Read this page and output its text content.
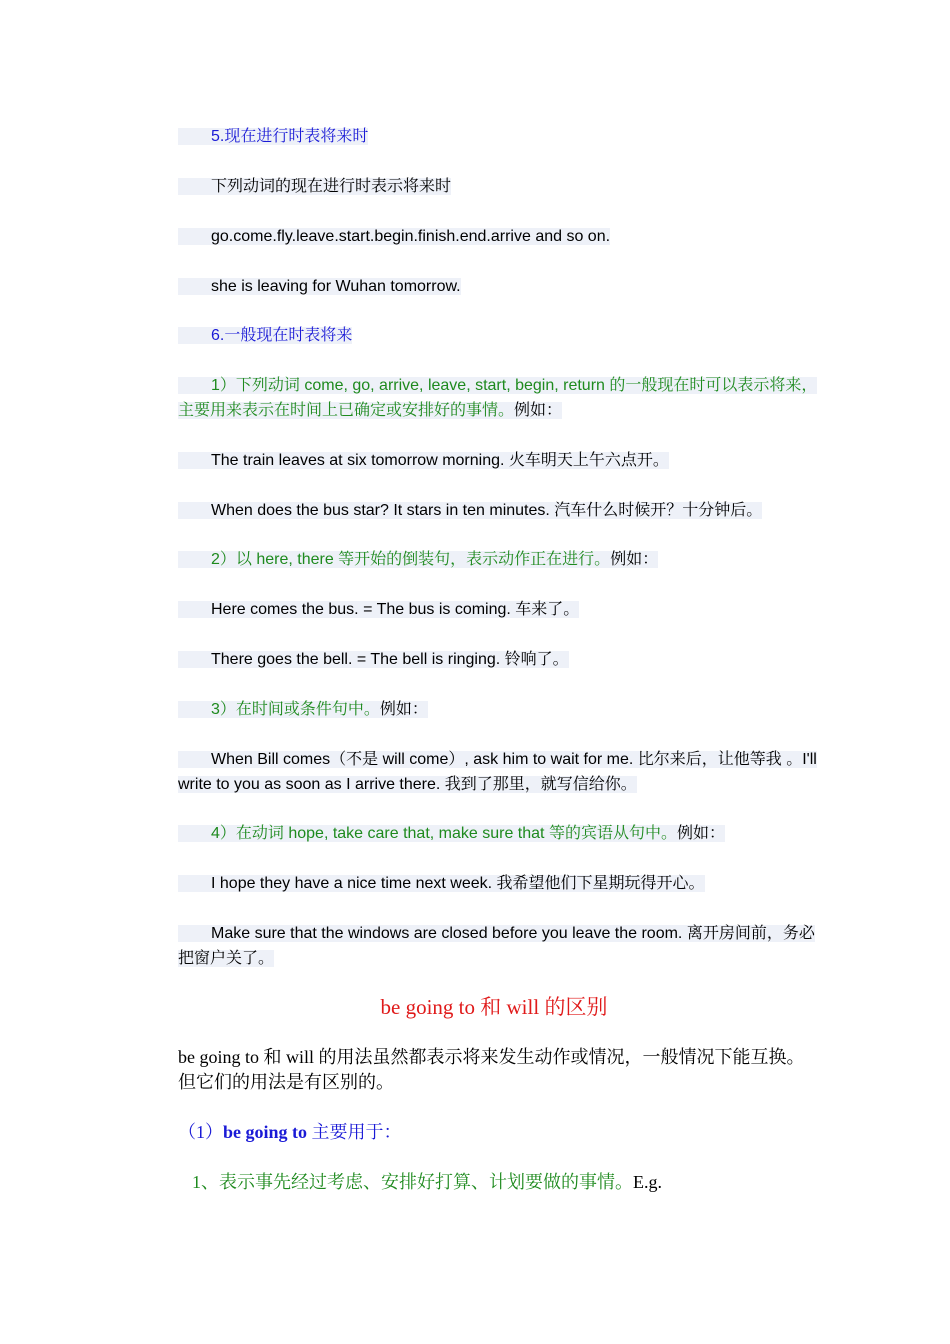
5.现在进行时表将来时

下列动词的现在进行时表示将来时

go.come.fly.leave.start.begin.finish.end.arrive and so on.

she is leaving for Wuhan tomorrow.

6.一般现在时表将来

1）下列动词 come, go, arrive, leave, start, begin, return 的一般现在时可以表示将来，主要用来表示在时间上已确定或安排好的事情。例如：

The train leaves at six tomorrow morning. 火车明天上午六点开。

When does the bus star? It stars in ten minutes. 汽车什么时候开？十分钟后。

2）以 here, there 等开始的倒装句，表示动作正在进行。例如：

Here comes the bus. = The bus is coming. 车来了。

There goes the bell. = The bell is ringing. 铃响了。

3）在时间或条件句中。例如：

When Bill comes（不是 will come）, ask him to wait for me. 比尔来后，让他等我 。I'll write to you as soon as I arrive there. 我到了那里，就写信给你。

4）在动词 hope, take care that, make sure that 等的宾语从句中。例如：

I hope they have a nice time next week. 我希望他们下星期玩得开心。

Make sure that the windows are closed before you leave the room. 离开房间前，务必把窗户关了。

be going to 和 will 的区别

be going to 和 will 的用法虽然都表示将来发生动作或情况，一般情况下能互换。但它们的用法是有区别的。

（1）be going to 主要用于：

1、表示事先经过考虑、安排好打算、计划要做的事情。E.g.
